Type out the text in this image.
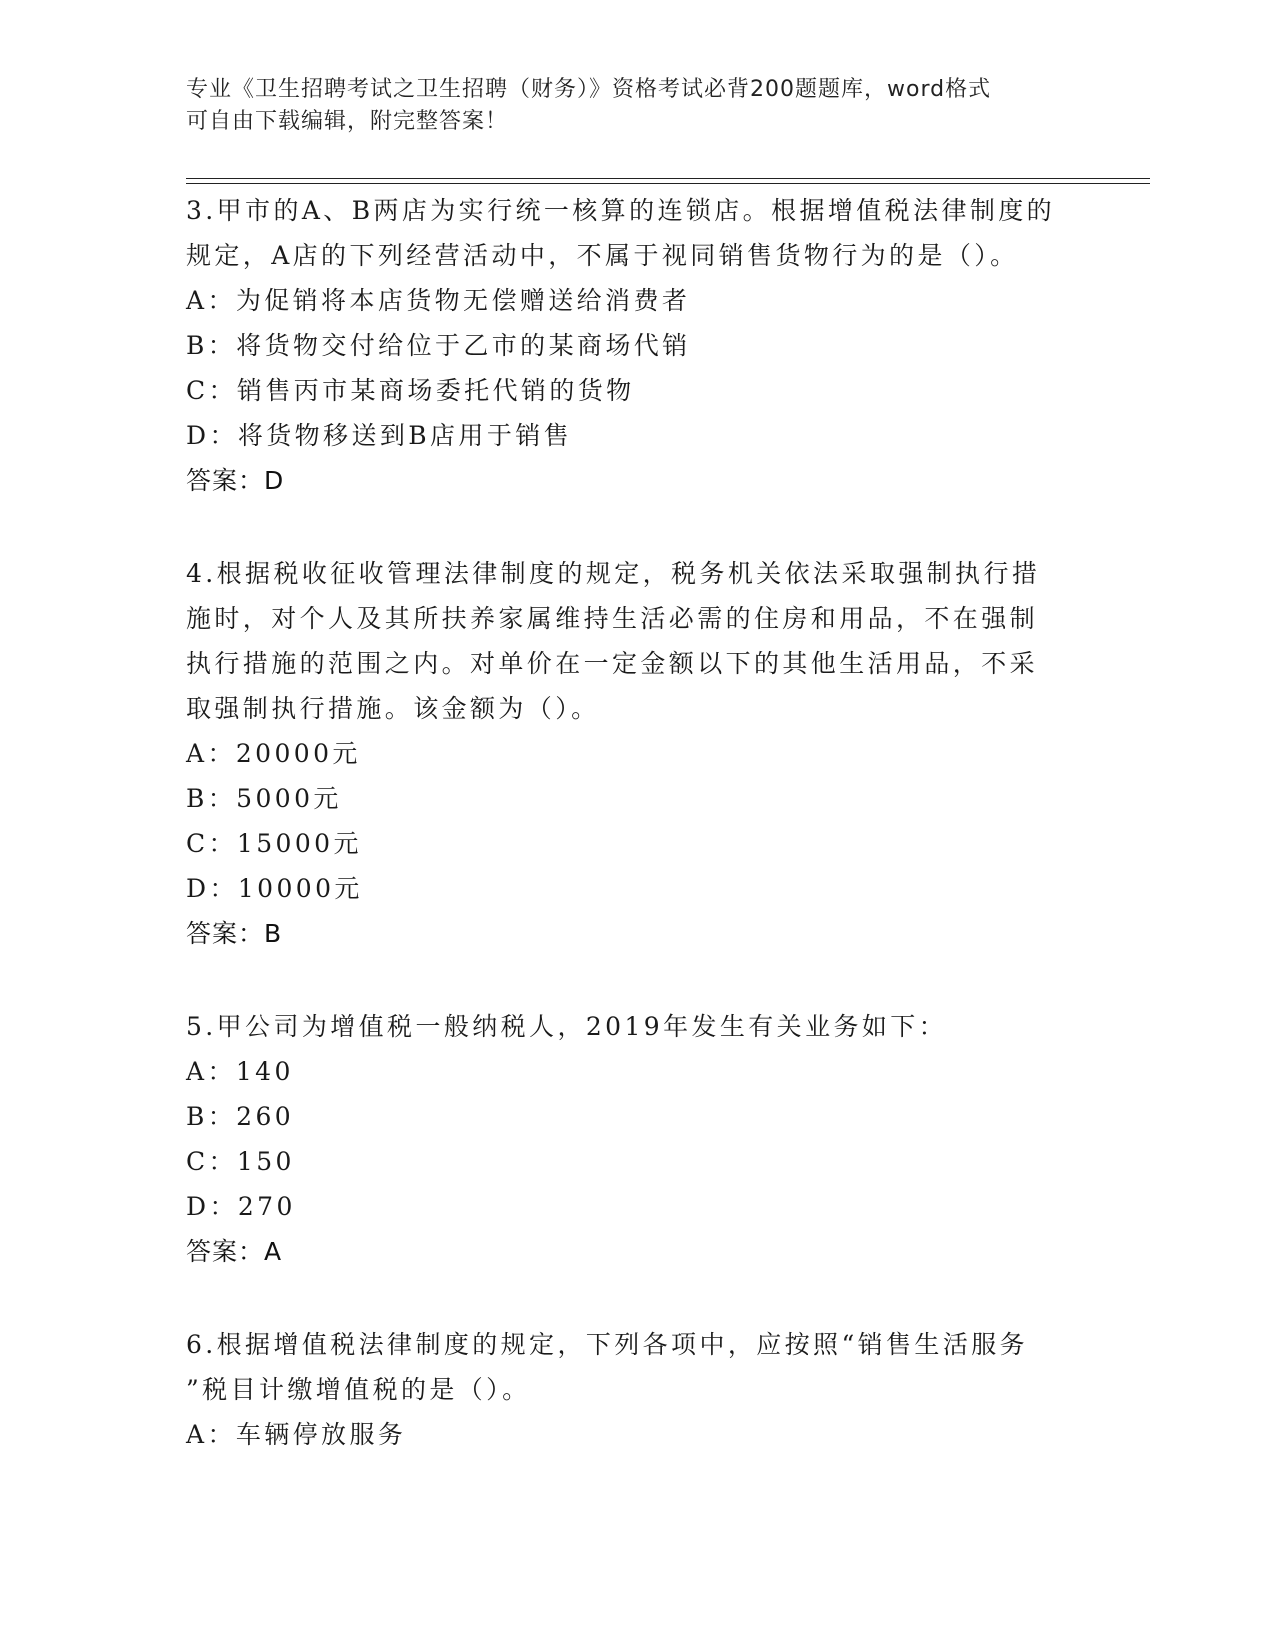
专业《卫生招聘考试之卫生招聘（财务）》资格考试必背200题题库，word格式
可自由下载编辑，附完整答案！
3.甲市的A、B两店为实行统一核算的连锁店。根据增值税法律制度的
规定，A店的下列经营活动中，不属于视同销售货物行为的是（）。
A：为促销将本店货物无偿赠送给消费者
B：将货物交付给位于乙市的某商场代销
C：销售丙市某商场委托代销的货物
D：将货物移送到B店用于销售
答案：D
4.根据税收征收管理法律制度的规定，税务机关依法采取强制执行措
施时，对个人及其所扶养家属维持生活必需的住房和用品，不在强制
执行措施的范围之内。对单价在一定金额以下的其他生活用品，不采
取强制执行措施。该金额为（）。
A：20000元
B：5000元
C：15000元
D：10000元
答案：B
5.甲公司为增值税一般纳税人，2019年发生有关业务如下：
A：140
B：260
C：150
D：270
答案：A
6.根据增值税法律制度的规定，下列各项中，应按照“销售生活服务
”税目计缴增值税的是（）。
A：车辆停放服务
